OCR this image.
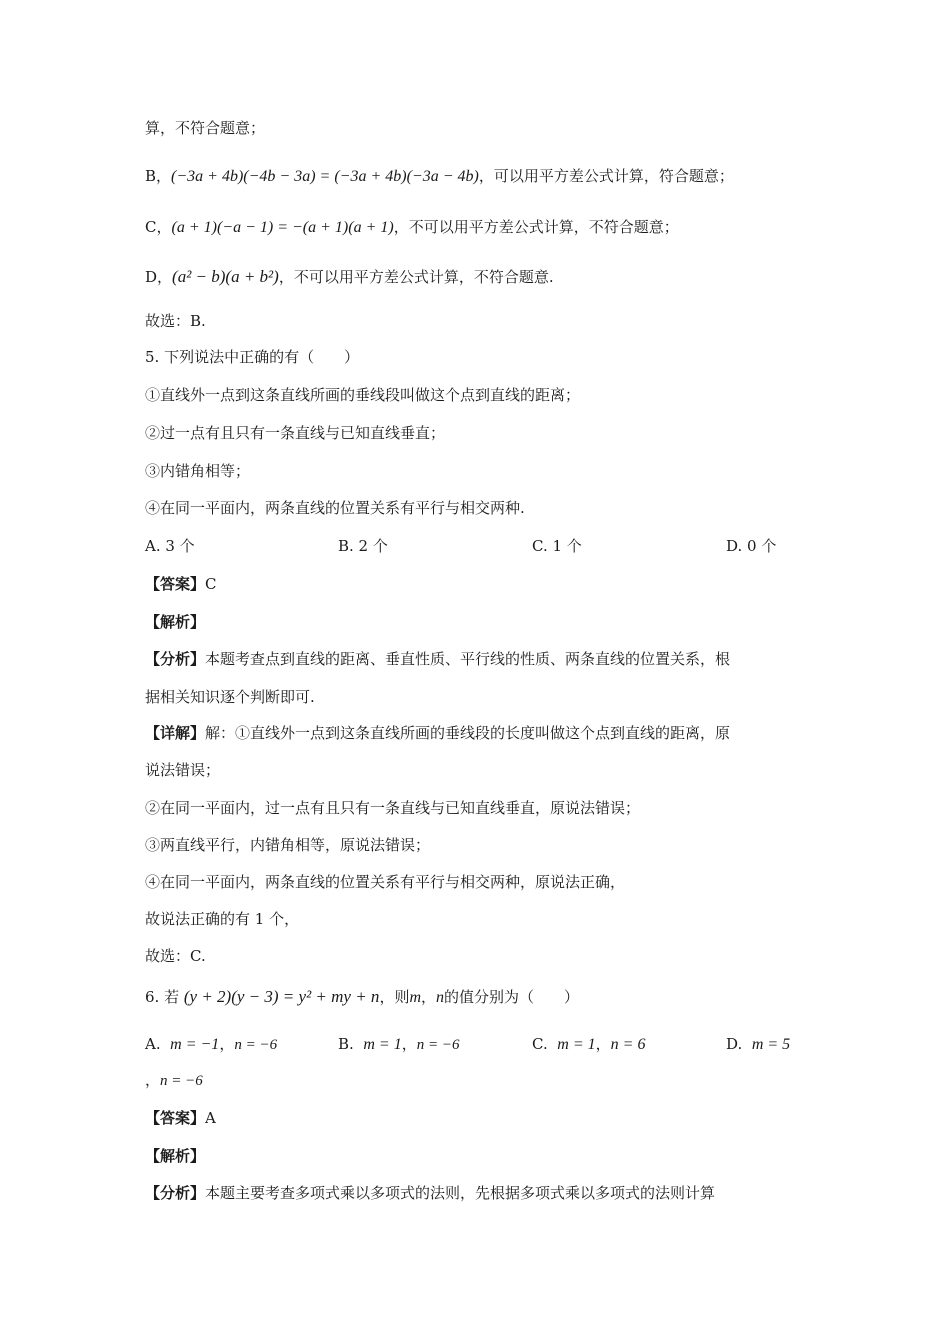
算，不符合题意；
B，(−3a + 4b)(−4b − 3a) = (−3a + 4b)(−3a − 4b)，可以用平方差公式计算，符合题意；
C，(a + 1)(−a − 1) = −(a + 1)(a + 1)，不可以用平方差公式计算，不符合题意；
D，(a² − b)(a + b²)，不可以用平方差公式计算，不符合题意.
故选：B.
5. 下列说法中正确的有（　　）
①直线外一点到这条直线所画的垂线段叫做这个点到直线的距离；
②过一点有且只有一条直线与已知直线垂直；
③内错角相等；
④在同一平面内，两条直线的位置关系有平行与相交两种.
A. 3 个	B. 2 个	C. 1 个	D. 0 个
【答案】C
【解析】
【分析】本题考查点到直线的距离、垂直性质、平行线的性质、两条直线的位置关系，根
据相关知识逐个判断即可.
【详解】解：①直线外一点到这条直线所画的垂线段的长度叫做这个点到直线的距离，原
说法错误；
②在同一平面内，过一点有且只有一条直线与已知直线垂直，原说法错误；
③两直线平行，内错角相等，原说法错误；
④在同一平面内，两条直线的位置关系有平行与相交两种，原说法正确，
故说法正确的有 1 个，
故选：C.
6. 若 (y + 2)(y − 3) = y² + my + n，则m，n的值分别为（　　）
A. m = −1，n = −6	B. m = 1，n = −6	C. m = 1，n = 6	D. m = 5
，n = −6
【答案】A
【解析】
【分析】本题主要考查多项式乘以多项式的法则，先根据多项式乘以多项式的法则计算
